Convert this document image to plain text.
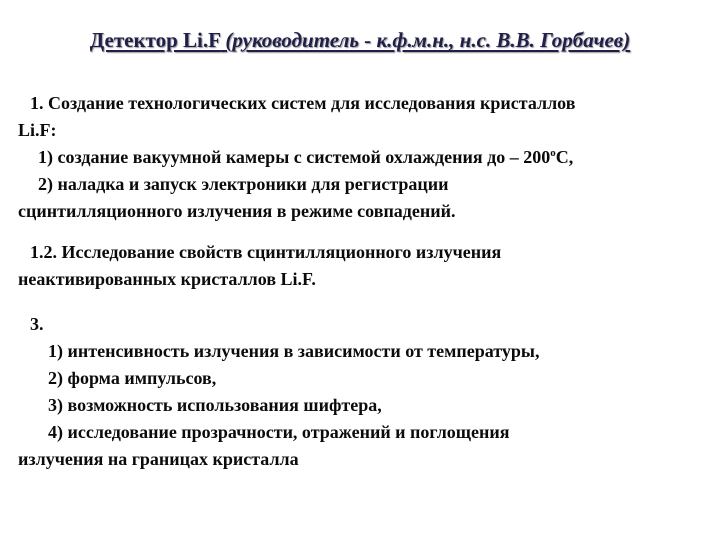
Детектор Li.F (руководитель - к.ф.м.н., н.с. В.В. Горбачев)
1. Создание технологических систем для исследования кристаллов
Li.F:
1) создание вакуумной камеры с системой охлаждения до – 200$^o$С,
2) наладка и запуск электроники для регистрации
сцинтилляционного излучения в режиме совпадений.
1.2. Исследование свойств сцинтилляционного излучения
неактивированных кристаллов Li.F.
3.
1) интенсивность излучения в зависимости от температуры,
2) форма импульсов,
3) возможность использования шифтера,
4) исследование прозрачности, отражений и поглощения
излучения на границах кристалла
